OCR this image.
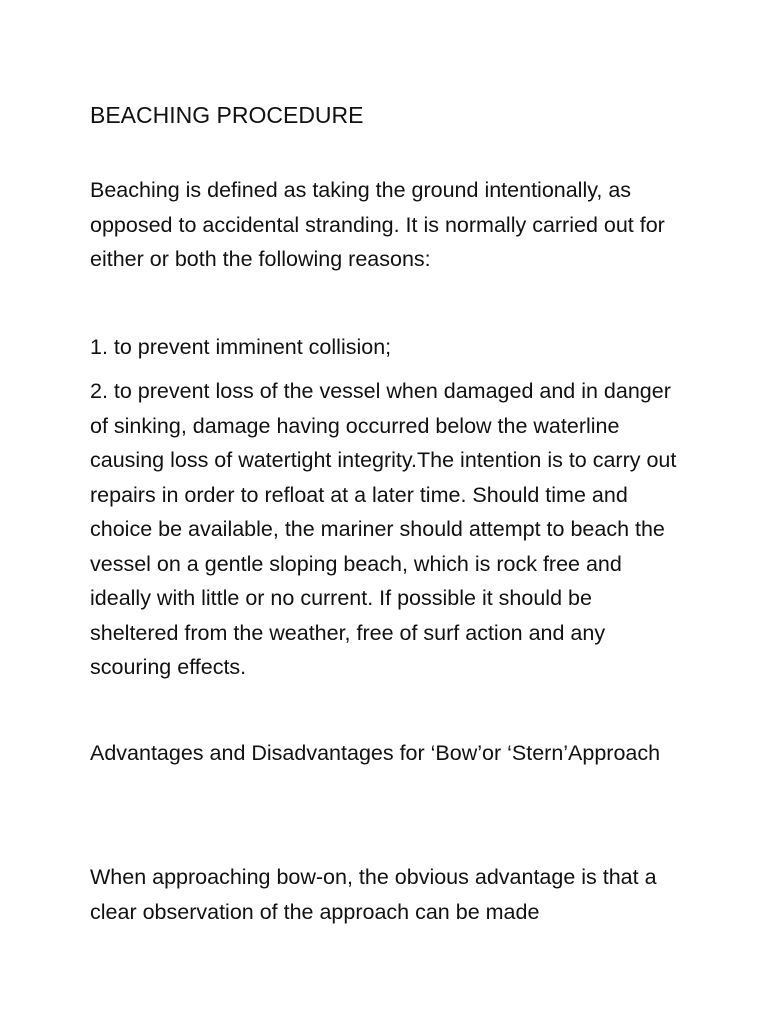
BEACHING PROCEDURE

Beaching is defined as taking the ground intentionally, as opposed to accidental stranding. It is normally carried out for either or both the following reasons:

1. to prevent imminent collision;

2. to prevent loss of the vessel when damaged and in danger of sinking, damage having occurred below the waterline causing loss of watertight integrity.The intention is to carry out repairs in order to refloat at a later time. Should time and choice be available, the mariner should attempt to beach the vessel on a gentle sloping beach, which is rock free and ideally with little or no current. If possible it should be sheltered from the weather, free of surf action and any scouring effects.

Advantages and Disadvantages for ‘Bow’or ‘Stern’Approach

When approaching bow-on, the obvious advantage is that a clear observation of the approach can be made
